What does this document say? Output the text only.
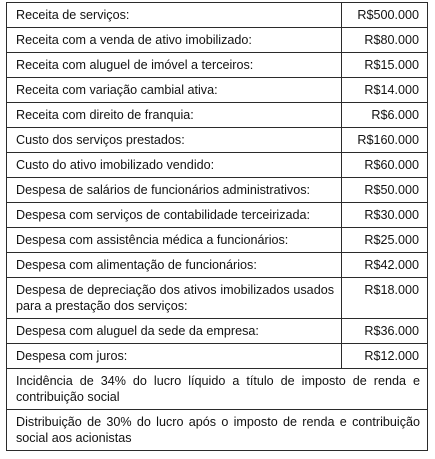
Receita de serviços:	R$500.000
Receita com a venda de ativo imobilizado:	R$80.000
Receita com aluguel de imóvel a terceiros:	R$15.000
Receita com variação cambial ativa:	R$14.000
Receita com direito de franquia:	R$6.000
Custo dos serviços prestados:	R$160.000
Custo do ativo imobilizado vendido:	R$60.000
Despesa de salários de funcionários administrativos:	R$50.000
Despesa com serviços de contabilidade terceirizada:	R$30.000
Despesa com assistência médica a funcionários:	R$25.000
Despesa com alimentação de funcionários:	R$42.000
Despesa de depreciação dos ativos imobilizados usados para a prestação dos serviços:	R$18.000
Despesa com aluguel da sede da empresa:	R$36.000
Despesa com juros:	R$12.000
Incidência de 34% do lucro líquido a título de imposto de renda e contribuição social	
Distribuição de 30% do lucro após o imposto de renda e contribuição social aos acionistas	
